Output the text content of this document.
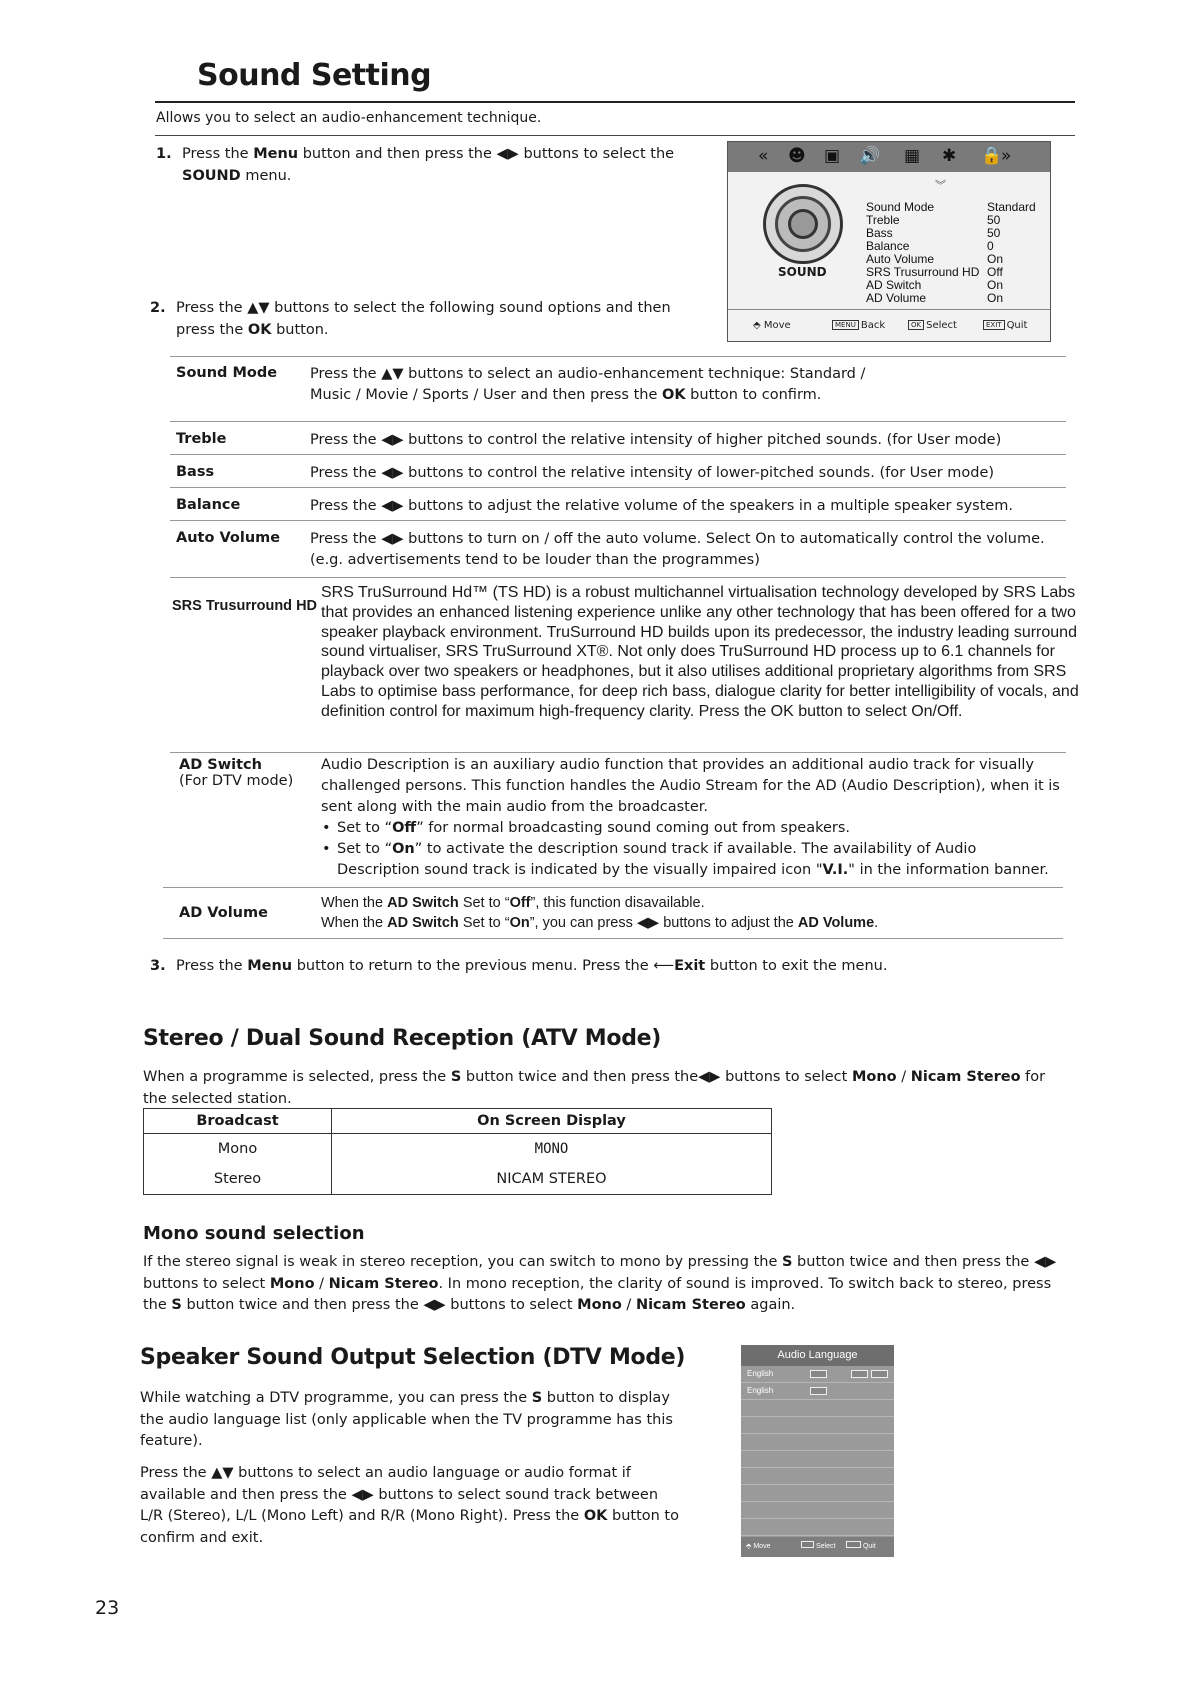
Sound Setting
Allows you to select an audio-enhancement technique.
1. Press the Menu button and then press the ◀▶ buttons to select the SOUND menu.
2. Press the ▲▼ buttons to select the following sound options and then press the OK button.
« ☻ ▣ 🔊 ▦ ✱ 🔒
»
︾
SOUND
Sound Mode	Standard
Treble	50
Bass	50
Balance	0
Auto Volume	On
SRS Trusurround HD Off
AD Switch	On
AD Volume	On
⬘ Move	MENU Back	OK Select	EXIT Quit
Sound Mode Press the ▲▼ buttons to select an audio-enhancement technique: Standard / Music / Movie / Sports / User and then press the OK button to confirm.
Treble	Press the ◀▶ buttons to control the relative intensity of higher pitched sounds. (for User mode)
Bass	Press the ◀▶ buttons to control the relative intensity of lower-pitched sounds. (for User mode)
Balance	Press the ◀▶ buttons to adjust the relative volume of the speakers in a multiple speaker system.
Auto Volume Press the ◀▶ buttons to turn on / off the auto volume. Select On to automatically control the volume. (e.g. advertisements tend to be louder than the programmes)
SRS Trusurround HD
SRS TruSurround Hd™ (TS HD) is a robust multichannel virtualisation technology developed by SRS Labs that provides an enhanced listening experience unlike any other technology that has been offered for a two speaker playback environment. TruSurround HD builds upon its predecessor, the industry leading surround sound virtualiser, SRS TruSurround XT®. Not only does TruSurround HD process up to 6.1 channels for playback over two speakers or headphones, but it also utilises additional proprietary algorithms from SRS Labs to optimise bass performance, for deep rich bass, dialogue clarity for better intelligibility of vocals, and definition control for maximum high-frequency clarity. Press the OK button to select On/Off.
AD Switch
(For DTV mode)
Audio Description is an auxiliary audio function that provides an additional audio track for visually challenged persons. This function handles the Audio Stream for the AD (Audio Description), when it is sent along with the main audio from the broadcaster.
• Set to “Off” for normal broadcasting sound coming out from speakers.
• Set to “On” to activate the description sound track if available. The availability of Audio Description sound track is indicated by the visually impaired icon "V.I." in the information banner.
AD Volume
When the AD Switch Set to “Off”, this function disavailable.
When the AD Switch Set to “On”, you can press ◀▶ buttons to adjust the AD Volume.
3. Press the Menu button to return to the previous menu. Press the ⟵Exit button to exit the menu.
Stereo / Dual Sound Reception (ATV Mode)
When a programme is selected, press the S button twice and then press the◀▶ buttons to select Mono / Nicam Stereo for the selected station.
Broadcast	On Screen Display
Mono	MONO
Stereo	NICAM STEREO
Mono sound selection
If the stereo signal is weak in stereo reception, you can switch to mono by pressing the S button twice and then press the ◀▶ buttons to select Mono / Nicam Stereo. In mono reception, the clarity of sound is improved. To switch back to stereo, press the S button twice and then press the ◀▶ buttons to select Mono / Nicam Stereo again.
Speaker Sound Output Selection (DTV Mode)
While watching a DTV programme, you can press the S button to display the audio language list (only applicable when the TV programme has this feature).
Press the ▲▼ buttons to select an audio language or audio format if available and then press the ◀▶ buttons to select sound track between L/R (Stereo), L/L (Mono Left) and R/R (Mono Right). Press the OK button to confirm and exit.
Audio Language
English
English
⬘ Move	Select	Quit
23
